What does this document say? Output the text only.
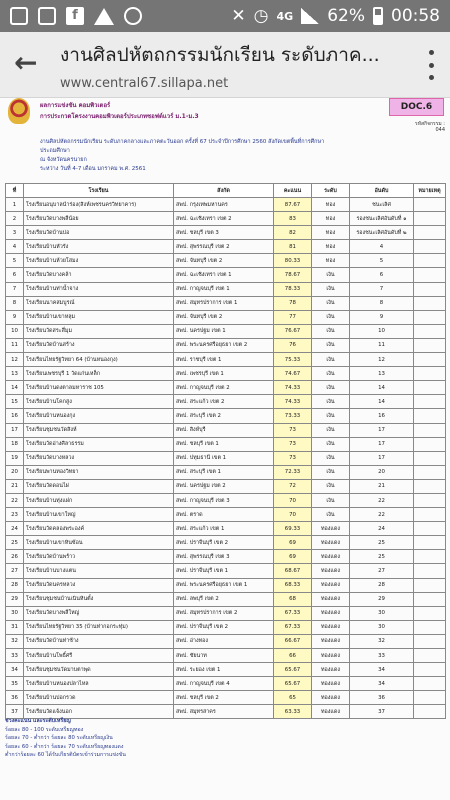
f	✕ ◷ 4G 62% 00:58
← งานศิลปหัตถกรรมนักเรียน ระดับภาค...
www.central67.sillapa.net
ผลการแข่งขัน คอมพิวเตอร์
การประกวดโครงงานคอมพิวเตอร์ประเภทซอฟต์แวร์ ม.1-ม.3
DOC.6
รหัสกิจกรรม :
044
งานศิลปหัตถกรรมนักเรียน ระดับภาคกลางและภาคตะวันออก ครั้งที่ 67 ประจำปีการศึกษา 2560 สังกัดเขตพื้นที่การศึกษา
ประถมศึกษา
ณ จังหวัดนครนายก
ระหว่าง วันที่ 4-7 เดือน มกราคม พ.ศ. 2561
ที่	โรงเรียน	สังกัด	คะแนน	ระดับ	อันดับ	หมายเหตุ
1	โรงเรียนอนุบาลนำร่อง(สิงห์เพชรนครวิทยาคาร)	สพป. กรุงเทพมหานคร	87.67	ทอง	ชนะเลิศ	
2	โรงเรียนวัดบางพลีน้อย	สพป. ฉะเชิงเทรา เขต 2	83	ทอง	รองชนะเลิศอันดับที่ ๑	
3	โรงเรียนวัดบ้านบ่อ	สพป. ชลบุรี เขต 3	82	ทอง	รองชนะเลิศอันดับที่ ๒	
4	โรงเรียนบ้านหัวรัง	สพป. สุพรรณบุรี เขต 2	81	ทอง	4	
5	โรงเรียนบ้านห้วยโสมง	สพป. จันทบุรี เขต 2	80.33	ทอง	5	
6	โรงเรียนวัดบางคล้า	สพป. ฉะเชิงเทรา เขต 1	78.67	เงิน	6	
7	โรงเรียนบ้านท่าน้ำจาง	สพป. กาญจนบุรี เขต 1	78.33	เงิน	7	
8	โรงเรียนนาคสมบูรณ์	สพป. สมุทรปราการ เขต 1	78	เงิน	8	
9	โรงเรียนบ้านเขาหลุม	สพป. จันทบุรี เขต 2	77	เงิน	9	
10	โรงเรียนวัดสระสี่มุม	สพป. นครปฐม เขต 1	76.67	เงิน	10	
11	โรงเรียนวัดบ้านสร้าง	สพป. พระนครศรีอยุธยา เขต 2	76	เงิน	11	
12	โรงเรียนไทยรัฐวิทยา 64 (บ้านหนองกุง)	สพป. ราชบุรี เขต 1	75.33	เงิน	12	
13	โรงเรียนเพชรบุรี 1 วัดแก่นเหล็ก	สพป. เพชรบุรี เขต 1	74.67	เงิน	13	
14	โรงเรียนบ้านดงตาลมหาราช 105	สพป. กาญจนบุรี เขต 2	74.33	เงิน	14	
15	โรงเรียนบ้านโคกสูง	สพป. สระแก้ว เขต 2	74.33	เงิน	14	
16	โรงเรียนบ้านหนองกุง	สพป. สระบุรี เขต 2	73.33	เงิน	16	
17	โรงเรียนชุมชนวัดสิงห์	สพป. สิงห์บุรี	73	เงิน	17	
18	โรงเรียนวัดอ่างศิลาธรรม	สพป. ชลบุรี เขต 1	73	เงิน	17	
19	โรงเรียนวัดบางหลวง	สพป. ปทุมธานี เขต 1	73	เงิน	17	
20	โรงเรียนพานทองวิทยา	สพป. สระบุรี เขต 1	72.33	เงิน	20	
21	โรงเรียนวัดดอนไผ่	สพป. นครปฐม เขต 2	72	เงิน	21	
22	โรงเรียนบ้านทุ่งแฝก	สพป. กาญจนบุรี เขต 3	70	เงิน	22	
23	โรงเรียนบ้านเขาใหญ่	สพป. ตราด	70	เงิน	22	
24	โรงเรียนวัดคลองพระองค์	สพป. สระแก้ว เขต 1	69.33	ทองแดง	24	
25	โรงเรียนบ้านเขาหินซ้อน	สพป. ปราจีนบุรี เขต 2	69	ทองแดง	25	
26	โรงเรียนวัดบ้านพร้าว	สพป. สุพรรณบุรี เขต 3	69	ทองแดง	25	
27	โรงเรียนบ้านบางแตน	สพป. ปราจีนบุรี เขต 1	68.67	ทองแดง	27	
28	โรงเรียนวัดนครหลวง	สพป. พระนครศรีอยุธยา เขต 1	68.33	ทองแดง	28	
29	โรงเรียนชุมชนบ้านเนินหินตั้ง	สพป. ลพบุรี เขต 2	68	ทองแดง	29	
30	โรงเรียนวัดบางพลีใหญ่	สพป. สมุทรปราการ เขต 2	67.33	ทองแดง	30	
31	โรงเรียนไทยรัฐวิทยา 35 (บ้านท่ากอกระทุ่ม)	สพป. ปราจีนบุรี เขต 2	67.33	ทองแดง	30	
32	โรงเรียนวัดบ้านท่าช้าง	สพป. อ่างทอง	66.67	ทองแดง	32	
33	โรงเรียนบ้านโพธิ์ศรี	สพป. ชัยนาท	66	ทองแดง	33	
34	โรงเรียนชุมชนวัดมาบตาพุด	สพป. ระยอง เขต 1	65.67	ทองแดง	34	
35	โรงเรียนบ้านหนองปลาไหล	สพป. กาญจนบุรี เขต 4	65.67	ทองแดง	34	
36	โรงเรียนบ้านบ่อกรวด	สพป. ชลบุรี เขต 2	65	ทองแดง	36	
37	โรงเรียนวัดแจ้งนอก	สพป. สมุทรสาคร	63.33	ทองแดง	37	
ช่วงคะแนน และระดับเหรียญ
ร้อยละ 80 - 100 ระดับเหรียญทอง
ร้อยละ 70 - ต่ำกว่า ร้อยละ 80 ระดับเหรียญเงิน
ร้อยละ 60 - ต่ำกว่า ร้อยละ 70 ระดับเหรียญทองแดง
ต่ำกว่าร้อยละ 60 ได้รับเกียรติบัตรเข้าร่วมการแข่งขัน
